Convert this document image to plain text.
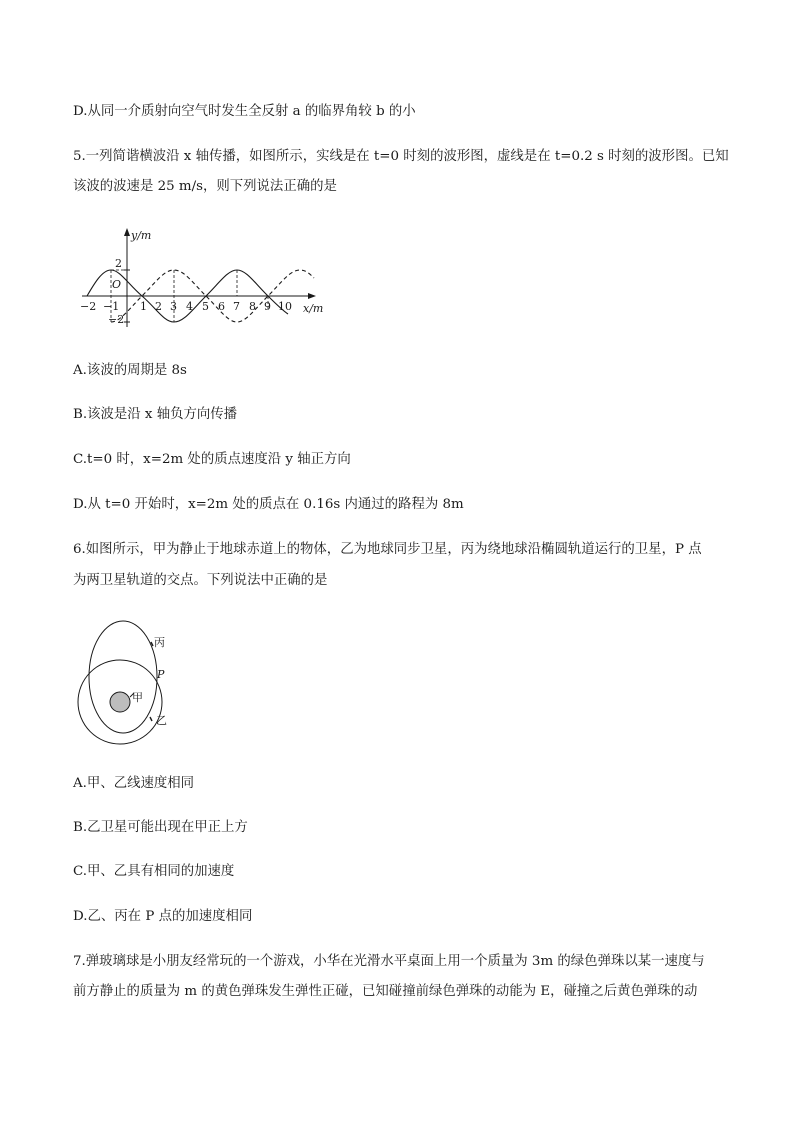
D.从同一介质射向空气时发生全反射 a 的临界角较 b 的小
5.一列简谐横波沿 x 轴传播，如图所示，实线是在 t=0 时刻的波形图，虚线是在 t=0.2 s 时刻的波形图。已知
该波的波速是 25 m/s，则下列说法正确的是
y/m
x/m
O
2
−2
−2 −1 1 2 3 4 5 6 7 8 9 10
A.该波的周期是 8s
B.该波是沿 x 轴负方向传播
C.t=0 时，x=2m 处的质点速度沿 y 轴正方向
D.从 t=0 开始时，x=2m 处的质点在 0.16s 内通过的路程为 8m
6.如图所示，甲为静止于地球赤道上的物体，乙为地球同步卫星，丙为绕地球沿椭圆轨道运行的卫星，P 点
为两卫星轨道的交点。下列说法中正确的是
丙
P
甲
乙
A.甲、乙线速度相同
B.乙卫星可能出现在甲正上方
C.甲、乙具有相同的加速度
D.乙、丙在 P 点的加速度相同
7.弹玻璃球是小朋友经常玩的一个游戏，小华在光滑水平桌面上用一个质量为 3m 的绿色弹珠以某一速度与
前方静止的质量为 m 的黄色弹珠发生弹性正碰，已知碰撞前绿色弹珠的动能为 E，碰撞之后黄色弹珠的动
